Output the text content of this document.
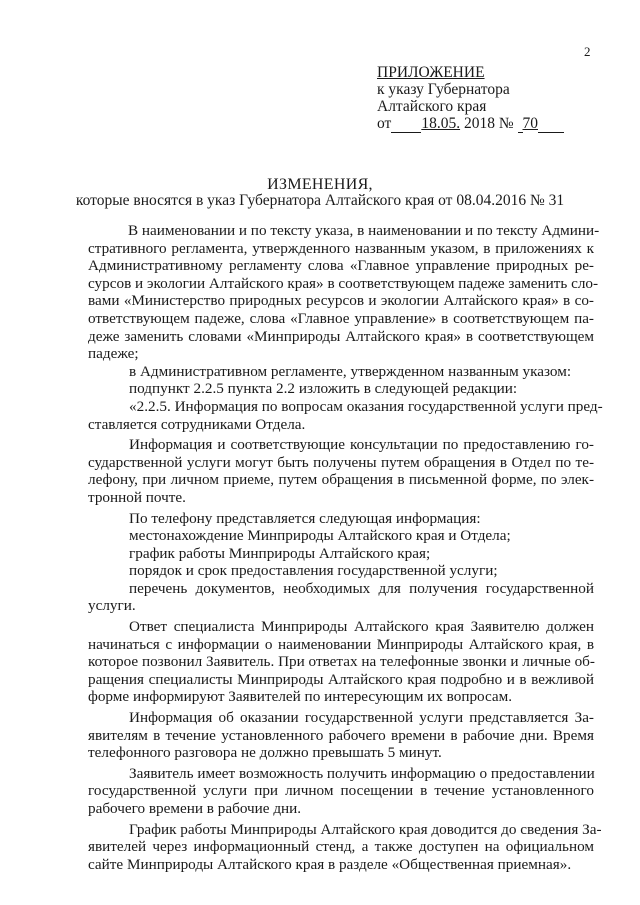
2
ПРИЛОЖЕНИЕ
к указу Губернатора
Алтайского края
от 18.05. 2018 № 70
ИЗМЕНЕНИЯ,
которые вносятся в указ Губернатора Алтайского края от 08.04.2016 № 31
В наименовании и по тексту указа, в наименовании и по тексту Админи-
стративного регламента, утвержденного названным указом, в приложениях к
Административному регламенту слова «Главное управление природных ре-
сурсов и экологии Алтайского края» в соответствующем падеже заменить сло-
вами «Министерство природных ресурсов и экологии Алтайского края» в со-
ответствующем падеже, слова «Главное управление» в соответствующем па-
деже заменить словами «Минприроды Алтайского края» в соответствующем
падеже;
в Административном регламенте, утвержденном названным указом:
подпункт 2.2.5 пункта 2.2 изложить в следующей редакции:
«2.2.5. Информация по вопросам оказания государственной услуги пред-
ставляется сотрудниками Отдела.
Информация и соответствующие консультации по предоставлению го-
сударственной услуги могут быть получены путем обращения в Отдел по те-
лефону, при личном приеме, путем обращения в письменной форме, по элек-
тронной почте.
По телефону представляется следующая информация:
местонахождение Минприроды Алтайского края и Отдела;
график работы Минприроды Алтайского края;
порядок и срок предоставления государственной услуги;
перечень документов, необходимых для получения государственной
услуги.
Ответ специалиста Минприроды Алтайского края Заявителю должен
начинаться с информации о наименовании Минприроды Алтайского края, в
которое позвонил Заявитель. При ответах на телефонные звонки и личные об-
ращения специалисты Минприроды Алтайского края подробно и в вежливой
форме информируют Заявителей по интересующим их вопросам.
Информация об оказании государственной услуги представляется За-
явителям в течение установленного рабочего времени в рабочие дни. Время
телефонного разговора не должно превышать 5 минут.
Заявитель имеет возможность получить информацию о предоставлении
государственной услуги при личном посещении в течение установленного
рабочего времени в рабочие дни.
График работы Минприроды Алтайского края доводится до сведения За-
явителей через информационный стенд, а также доступен на официальном
сайте Минприроды Алтайского края в разделе «Общественная приемная».
